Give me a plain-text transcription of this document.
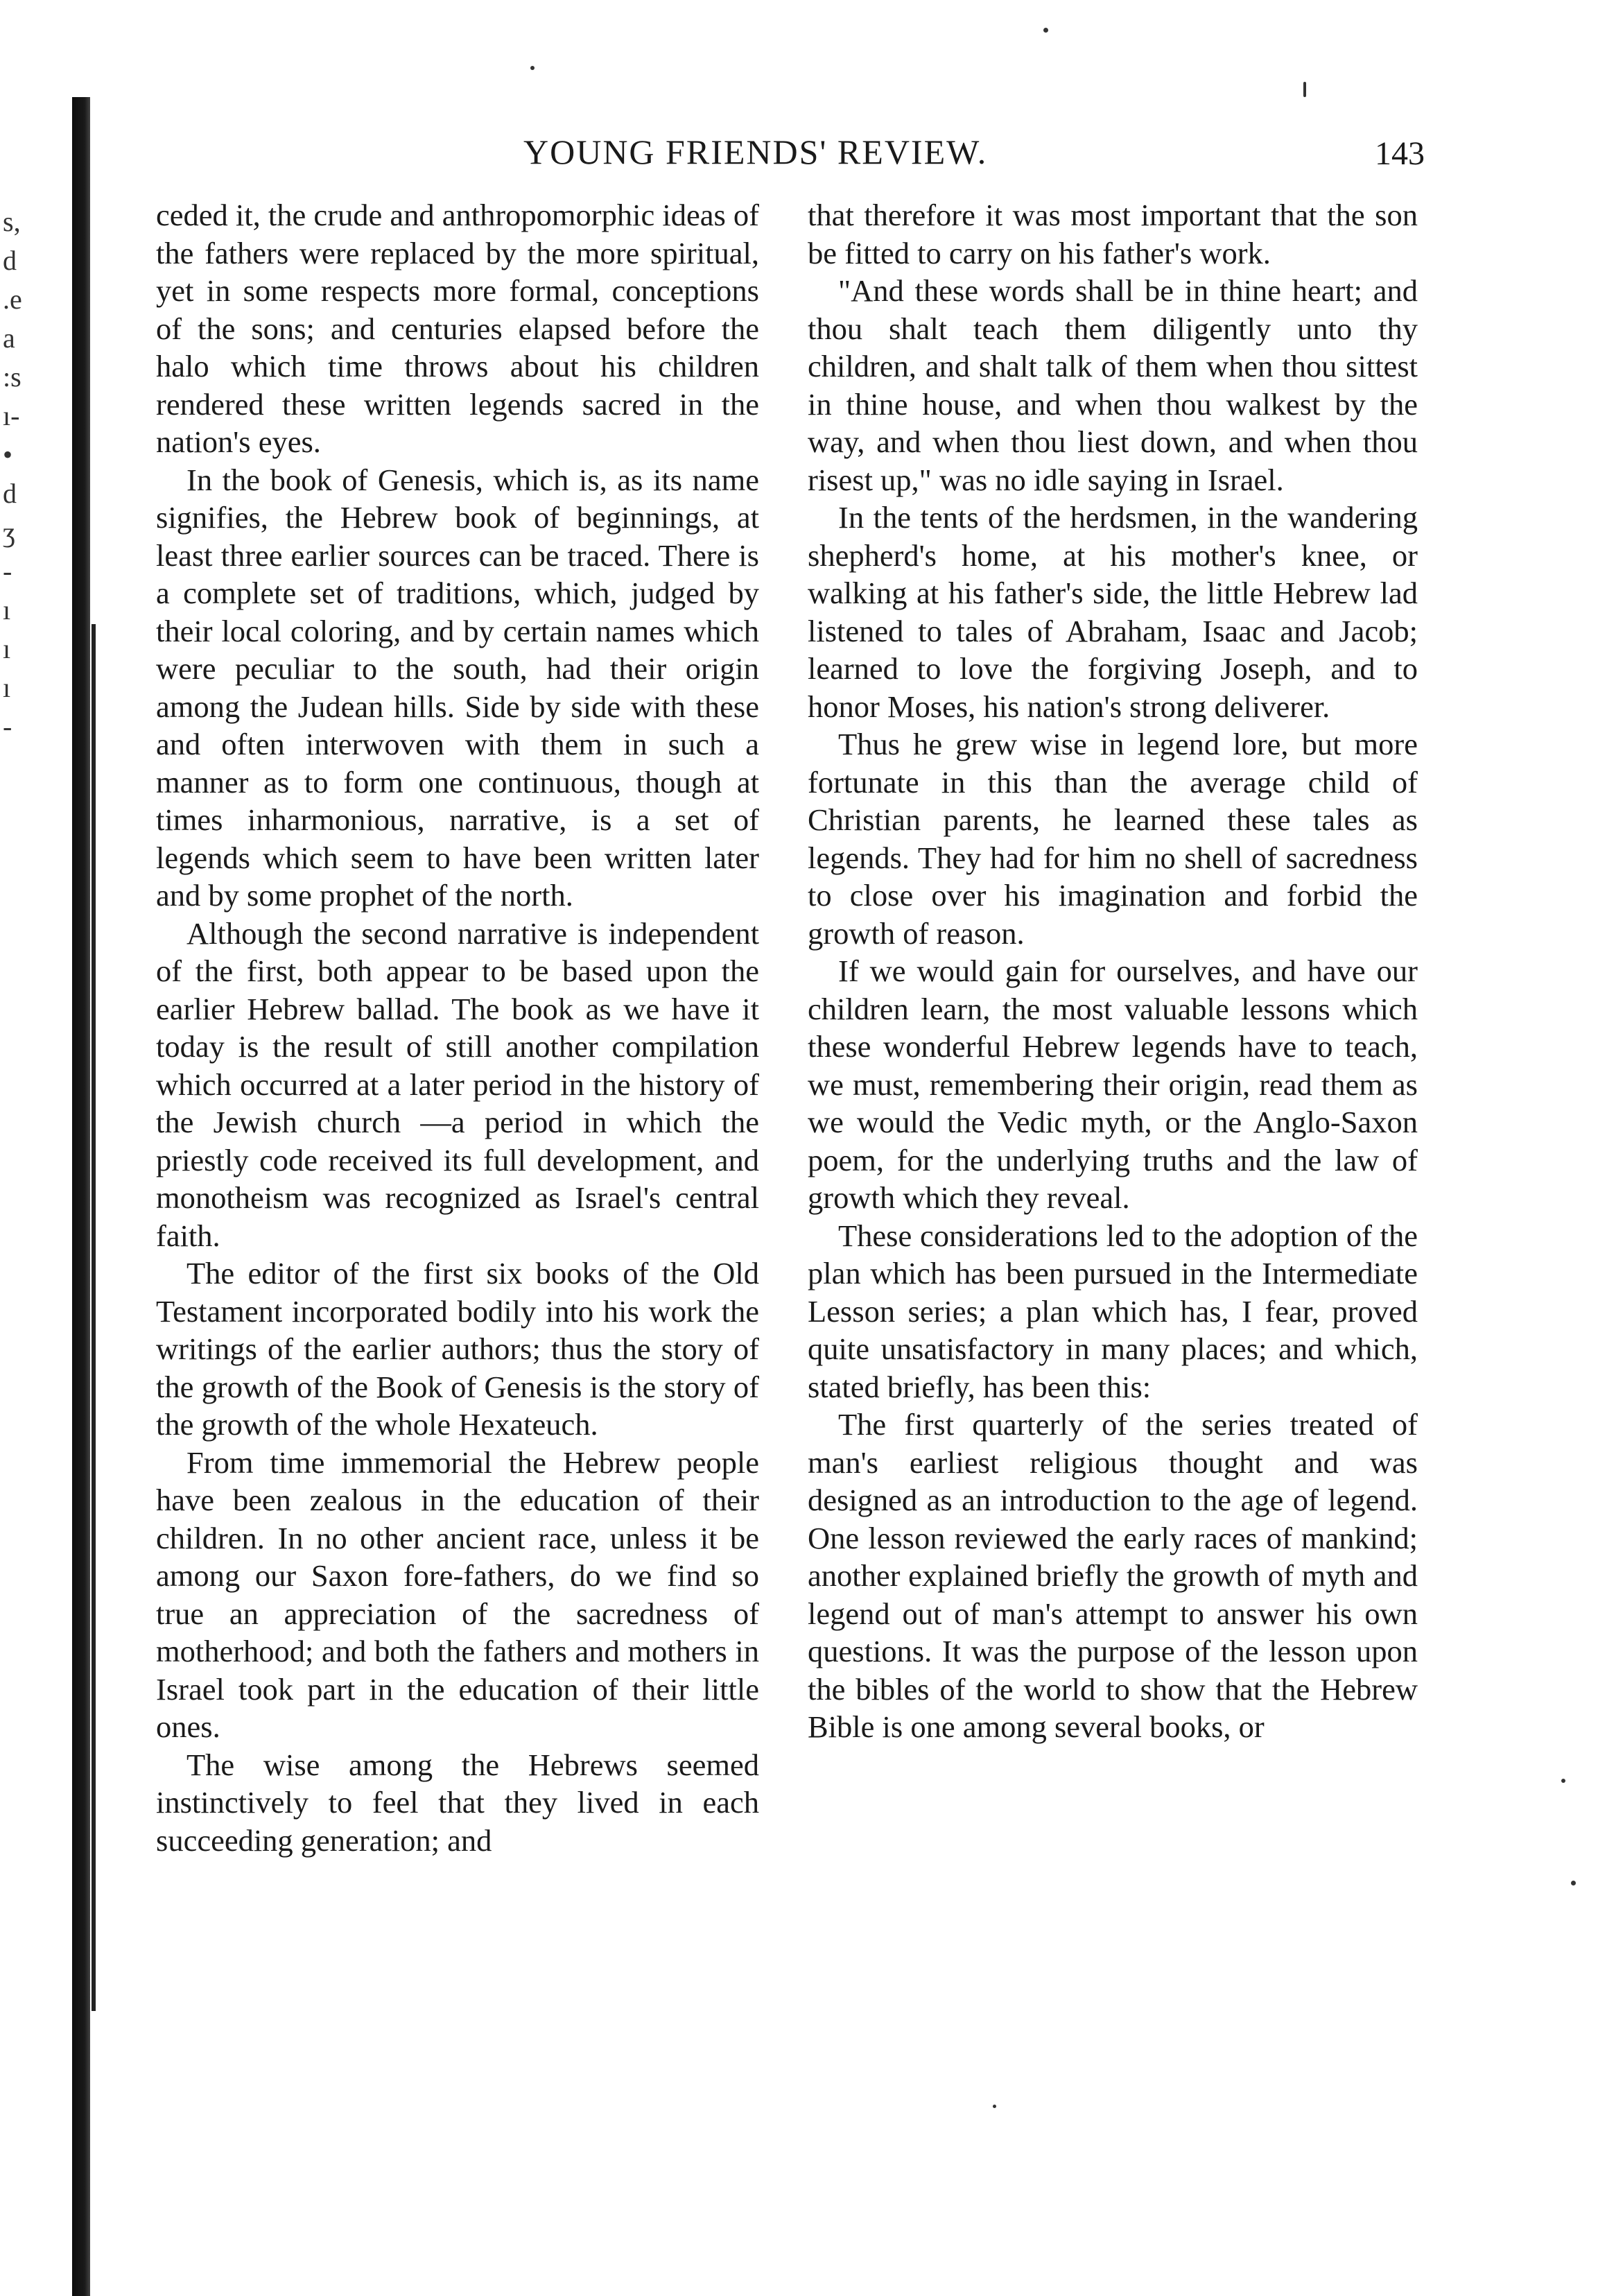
s,
d
.e
a
:s
ı-
•
d
ʒ
-
ı
ı
ı
-
YOUNG FRIENDS' REVIEW.	143

ceded it, the crude and anthropomorphic ideas of the fathers were replaced by the more spiritual, yet in some respects more formal, conceptions of the sons; and centuries elapsed before the halo which time throws about his children rendered these written legends sacred in the nation's eyes.

In the book of Genesis, which is, as its name signifies, the Hebrew book of beginnings, at least three earlier sources can be traced. There is a complete set of traditions, which, judged by their local coloring, and by certain names which were peculiar to the south, had their origin among the Judean hills. Side by side with these and often interwoven with them in such a manner as to form one continuous, though at times inharmonious, narrative, is a set of legends which seem to have been written later and by some prophet of the north.

Although the second narrative is independent of the first, both appear to be based upon the earlier Hebrew ballad. The book as we have it today is the result of still another compilation which occurred at a later period in the history of the Jewish church —a period in which the priestly code received its full development, and monotheism was recognized as Israel's central faith.

The editor of the first six books of the Old Testament incorporated bodily into his work the writings of the earlier authors; thus the story of the growth of the Book of Genesis is the story of the growth of the whole Hexateuch.

From time immemorial the Hebrew people have been zealous in the education of their children. In no other ancient race, unless it be among our Saxon fore-fathers, do we find so true an appreciation of the sacredness of motherhood; and both the fathers and mothers in Israel took part in the education of their little ones.

The wise among the Hebrews seemed instinctively to feel that they lived in each succeeding generation; and

that therefore it was most important that the son be fitted to carry on his father's work.

"And these words shall be in thine heart; and thou shalt teach them diligently unto thy children, and shalt talk of them when thou sittest in thine house, and when thou walkest by the way, and when thou liest down, and when thou risest up," was no idle saying in Israel.

In the tents of the herdsmen, in the wandering shepherd's home, at his mother's knee, or walking at his father's side, the little Hebrew lad listened to tales of Abraham, Isaac and Jacob; learned to love the forgiving Joseph, and to honor Moses, his nation's strong deliverer.

Thus he grew wise in legend lore, but more fortunate in this than the average child of Christian parents, he learned these tales as legends. They had for him no shell of sacredness to close over his imagination and forbid the growth of reason.

If we would gain for ourselves, and have our children learn, the most valuable lessons which these wonderful Hebrew legends have to teach, we must, remembering their origin, read them as we would the Vedic myth, or the Anglo-Saxon poem, for the underlying truths and the law of growth which they reveal.

These considerations led to the adoption of the plan which has been pursued in the Intermediate Lesson series; a plan which has, I fear, proved quite unsatisfactory in many places; and which, stated briefly, has been this:

The first quarterly of the series treated of man's earliest religious thought and was designed as an introduction to the age of legend. One lesson reviewed the early races of mankind; another explained briefly the growth of myth and legend out of man's attempt to answer his own questions. It was the purpose of the lesson upon the bibles of the world to show that the Hebrew Bible is one among several books, or
